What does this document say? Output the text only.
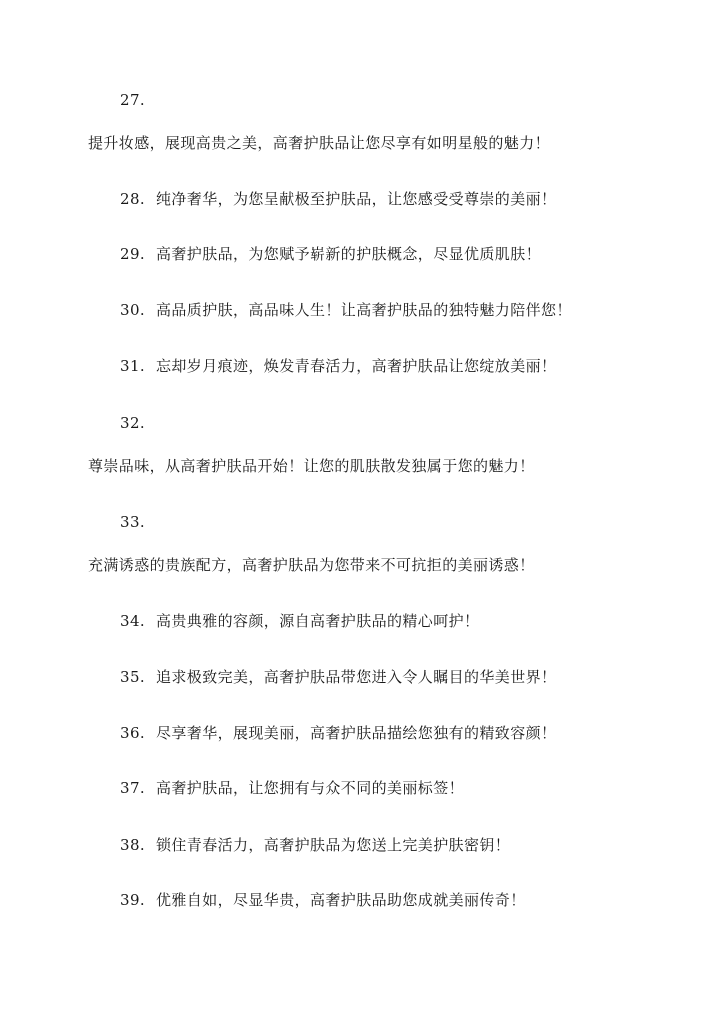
27.
提升妆感，展现高贵之美，高奢护肤品让您尽享有如明星般的魅力！
28. 纯净奢华，为您呈献极至护肤品，让您感受受尊崇的美丽！
29. 高奢护肤品，为您赋予崭新的护肤概念，尽显优质肌肤！
30. 高品质护肤，高品味人生！让高奢护肤品的独特魅力陪伴您！
31. 忘却岁月痕迹，焕发青春活力，高奢护肤品让您绽放美丽！
32.
尊崇品味，从高奢护肤品开始！让您的肌肤散发独属于您的魅力！
33.
充满诱惑的贵族配方，高奢护肤品为您带来不可抗拒的美丽诱惑！
34. 高贵典雅的容颜，源自高奢护肤品的精心呵护！
35. 追求极致完美，高奢护肤品带您进入令人瞩目的华美世界！
36. 尽享奢华，展现美丽，高奢护肤品描绘您独有的精致容颜！
37. 高奢护肤品，让您拥有与众不同的美丽标签！
38. 锁住青春活力，高奢护肤品为您送上完美护肤密钥！
39. 优雅自如，尽显华贵，高奢护肤品助您成就美丽传奇！
